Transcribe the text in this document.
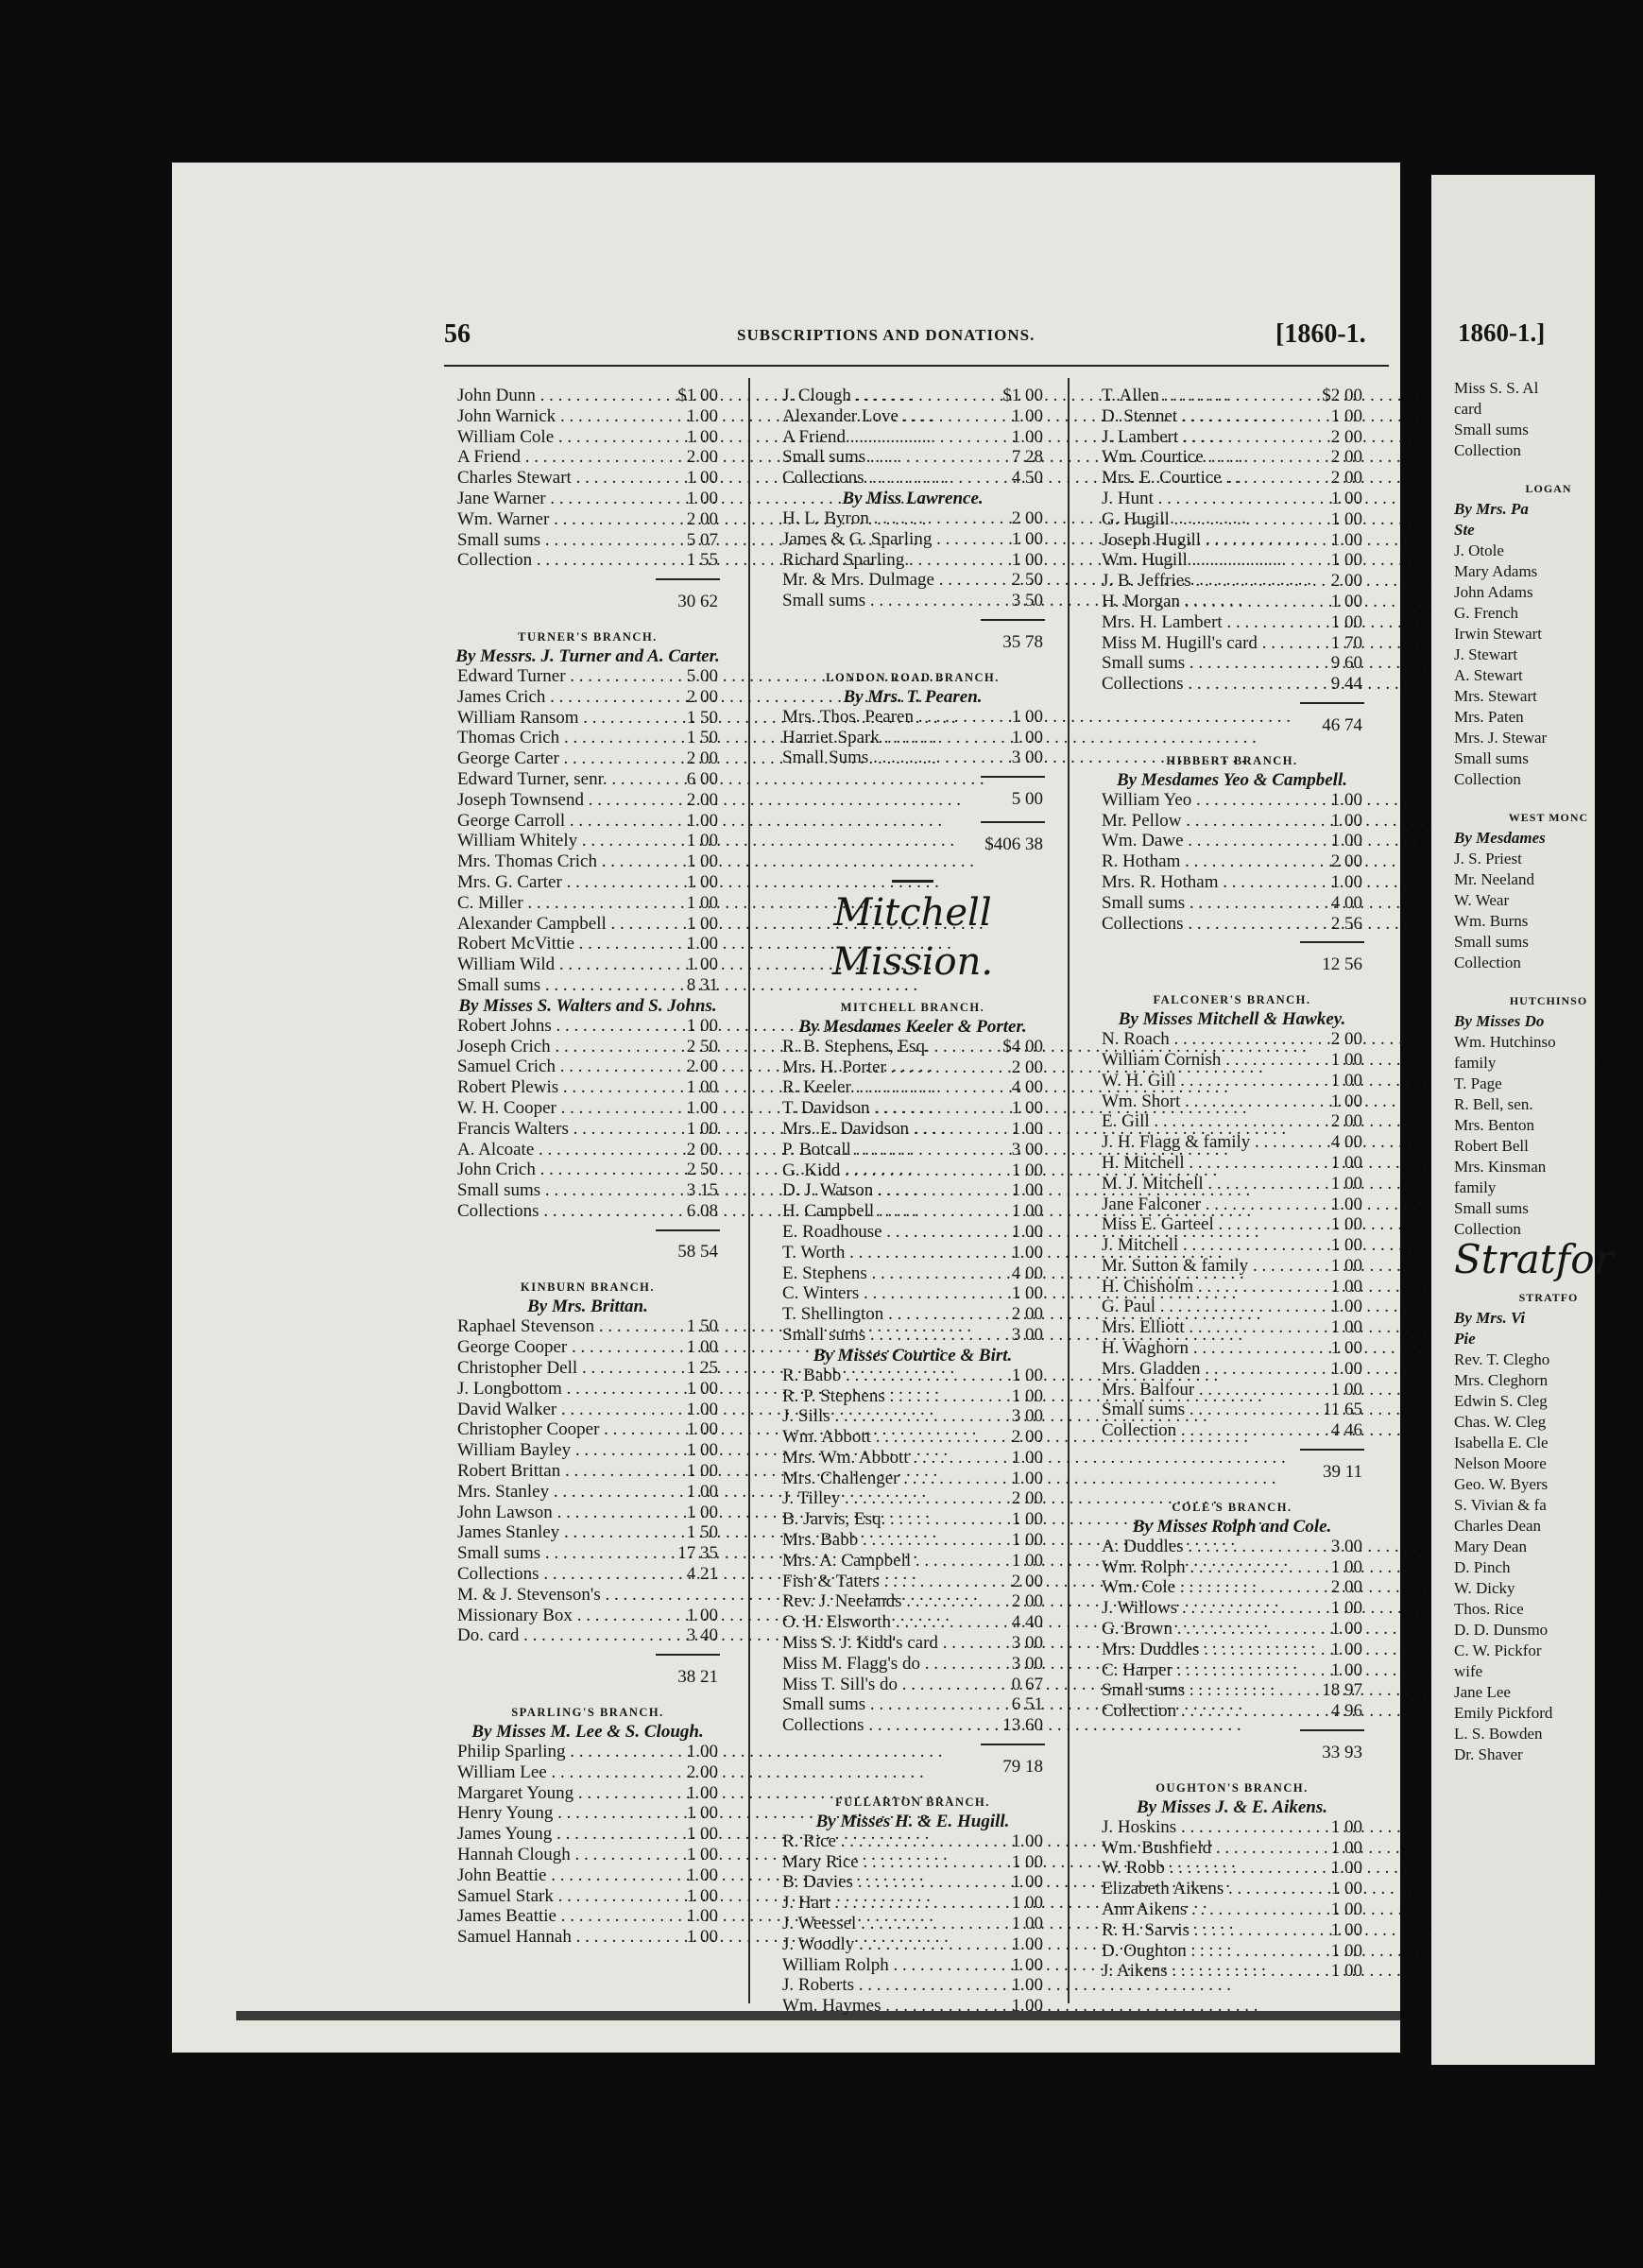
56	SUBSCRIPTIONS AND DONATIONS.	[1860-1.
John Dunn . . .	$1 00
John Warnick . . .	1 00
William Cole . . .	1 00
A Friend . . .	2 00
Charles Stewart . . .	1 00
Jane Warner . . .	1 00
Wm. Warner . . .	2 00
Small sums . . .	5 07
Collection . . .	1 55
30 62
TURNER'S BRANCH.
By Messrs. J. Turner and A. Carter.
Edward Turner . . .	5 00
James Crich . . .	2 00
William Ransom . . .	1 50
Thomas Crich . . .	1 50
George Carter . . .	2 00
Edward Turner, senr. . . .	6 00
Joseph Townsend . . .	2 00
George Carroll . . .	1 00
William Whitely . . .	1 00
Mrs. Thomas Crich . . .	1 00
Mrs. G. Carter . . .	1 00
C. Miller . . .	1 00
Alexander Campbell . . .	1 00
Robert McVittie . . .	1 00
William Wild . . .	1 00
Small sums . . .	8 31
By Misses S. Walters and S. Johns.
Robert Johns . . .	1 00
Joseph Crich . . .	2 50
Samuel Crich . . .	2 00
Robert Plewis . . .	1 00
W. H. Cooper . . .	1 00
Francis Walters . . .	1 00
A. Alcoate . . .	2 00
John Crich . . .	2 50
Small sums . . .	3 15
Collections . . .	6 08
58 54
KINBURN BRANCH.
By Mrs. Brittan.
Raphael Stevenson . . .	1 50
George Cooper . . .	1 00
Christopher Dell . . .	1 25
J. Longbottom . . .	1 00
David Walker . . .	1 00
Christopher Cooper . . .	1 00
William Bayley . . .	1 00
Robert Brittan . . .	1 00
Mrs. Stanley . . .	1 00
John Lawson . . .	1 00
James Stanley . . .	1 50
Small sums . . .	17 35
Collections . . .	4 21
M. & J. Stevenson's . . .
Missionary Box . . .	1 00
Do. card . . .	3 40
38 21
SPARLING'S BRANCH.
By Misses M. Lee & S. Clough.
Philip Sparling . . .	1 00
William Lee . . .	2 00
Margaret Young . . .	1 00
Henry Young . . .	1 00
James Young . . .	1 00
Hannah Clough . . .	1 00
John Beattie . . .	1 00
Samuel Stark . . .	1 00
James Beattie . . .	1 00
Samuel Hannah . . .	1 00
J. Clough . . .	$1 00
Alexander Love . . .	1 00
A Friend . . .	1 00
Small sums . . .	7 28
Collections . . .	4 50
By Miss Lawrence.
H. L. Byron . . .	2 00
James & G. Sparling . . .	1 00
Richard Sparling . . .	1 00
Mr. & Mrs. Dulmage . . .	2 50
Small sums . . .	3 50
35 78
LONDON ROAD BRANCH.
By Mrs. T. Pearen.
Mrs. Thos. Pearen . . .	1 00
Harriet Spark . . .	1 00
Small Sums . . .	3 00
5 00
$406 38
Mitchell Mission.
MITCHELL BRANCH.
By Mesdames Keeler & Porter.
R. B. Stephens, Esq. . . .	$4 00
Mrs. H. Porter . . .	2 00
R. Keeler . . .	4 00
T. Davidson . . .	1 00
Mrs. E. Davidson . . .	1 00
P. Botcall . . .	3 00
G. Kidd . . .	1 00
D. J. Watson . . .	1 00
H. Campbell . . .	1 00
E. Roadhouse . . .	1 00
T. Worth . . .	1 00
E. Stephens . . .	4 00
C. Winters . . .	1 00
T. Shellington . . .	2 00
Small sums . . .	3 00
By Misses Courtice & Birt.
R. Babb . . .	1 00
R. P. Stephens . . .	1 00
J. Sills . . .	3 00
Wm. Abbott . . .	2 00
Mrs. Wm. Abbott . . .	1 00
Mrs. Challenger . . .	1 00
J. Tilley . . .	2 00
B. Jarvis, Esq. . . .	1 00
Mrs. Babb . . .	1 00
Mrs. A. Campbell . . .	1 00
Fish & Taters . . .	2 00
Rev. J. Neelands . . .	2 00
O. H. Elsworth . . .	4 40
Miss S. J. Kidd's card . . .	3 00
Miss M. Flagg's do . . .	3 00
Miss T. Sill's do . . .	0 67
Small sums . . .	6 51
Collections . . .	13 60
79 18
FULLARTON BRANCH.
By Misses H. & E. Hugill.
R. Rice . . .	1 00
Mary Rice . . .	1 00
B. Davies . . .	1 00
J. Hart . . .	1 00
J. Weessel . . .	1 00
J. Woodly . . .	1 00
William Rolph . . .	1 00
J. Roberts . . .	1 00
Wm. Haymes . . .	1 00
T. Allen . . .	$2 00
D. Stennet . . .	1 00
J. Lambert . . .	2 00
Wm. Courtice . . .	2 00
Mrs. E. Courtice . . .	2 00
J. Hunt . . .	1 00
G. Hugill . . .	1 00
Joseph Hugill . . .	1 00
Wm. Hugill . . .	1 00
J. B. Jeffries . . .	2 00
H. Morgan . . .	1 00
Mrs. H. Lambert . . .	1 00
Miss M. Hugill's card . . .	1 70
Small sums . . .	9 60
Collections . . .	9 44
46 74
HIBBERT BRANCH.
By Mesdames Yeo & Campbell.
William Yeo . . .	1 00
Mr. Pellow . . .	1 00
Wm. Dawe . . .	1 00
R. Hotham . . .	2 00
Mrs. R. Hotham . . .	1 00
Small sums . . .	4 00
Collections . . .	2 56
12 56
FALCONER'S BRANCH.
By Misses Mitchell & Hawkey.
N. Roach . . .	2 00
William Cornish . . .	1 00
W. H. Gill . . .	1 00
Wm. Short . . .	1 00
E. Gill . . .	2 00
J. H. Flagg & family . . .	4 00
H. Mitchell . . .	1 00
M. J. Mitchell . . .	1 00
Jane Falconer . . .	1 00
Miss E. Garteel . . .	1 00
J. Mitchell . . .	1 00
Mr. Sutton & family . . .	1 00
H. Chisholm . . .	1 00
G. Paul . . .	1 00
Mrs. Elliott . . .	1 00
H. Waghorn . . .	1 00
Mrs. Gladden . . .	1 00
Mrs. Balfour . . .	1 00
Small sums . . .	11 65
Collection . . .	4 46
39 11
COLE'S BRANCH.
By Misses Rolph and Cole.
A. Duddles . . .	3 00
Wm. Rolph . . .	1 00
Wm. Cole . . .	2 00
J. Willows . . .	1 00
G. Brown . . .	1 00
Mrs. Duddles . . .	1 00
C. Harper . . .	1 00
Small sums . . .	18 97
Collection . . .	4 96
33 93
OUGHTON'S BRANCH.
By Misses J. & E. Aikens.
J. Hoskins . . .	1 00
Wm. Bushfield . . .	1 00
W. Robb . . .	1 00
Elizabeth Aikens . . .	1 00
Ann Aikens . . .	1 00
R. H. Sarvis . . .	1 00
D. Oughton . . .	1 00
J. Aikens . . .	1 00
1860-1.]
Miss S. S. Al
card
Small sums
Collection
LOGAN
By Mrs. Pa
Ste
J. Otole
Mary Adams
John Adams
G. French
Irwin Stewart
J. Stewart
A. Stewart
Mrs. Stewart
Mrs. Paten
Mrs. J. Stewar
Small sums
Collection
WEST MONC
By Mesdames
J. S. Priest
Mr. Neeland
W. Wear
Wm. Burns
Small sums
Collection
HUTCHINSO
By Misses Do
Wm. Hutchinso
family
T. Page
R. Bell, sen.
Mrs. Benton
Robert Bell
Mrs. Kinsman
family
Small sums
Collection
Stratfor
STRATFO
By Mrs. Vi
Pie
Rev. T. Clegho
Mrs. Cleghorn
Edwin S. Cleg
Chas. W. Cleg
Isabella E. Cle
Nelson Moore
Geo. W. Byers
S. Vivian & fa
Charles Dean
Mary Dean
D. Pinch
W. Dicky
Thos. Rice
D. D. Dunsmo
C. W. Pickfor
wife
Jane Lee
Emily Pickford
L. S. Bowden
Dr. Shaver
